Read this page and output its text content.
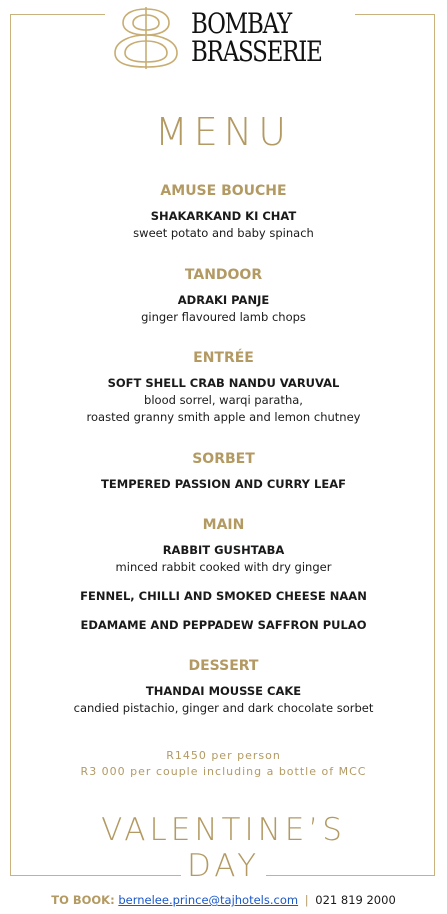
BOMBAY
BRASSERIE
MENU
AMUSE BOUCHE
SHAKARKAND KI CHAT
sweet potato and baby spinach
TANDOOR
ADRAKI PANJE
ginger flavoured lamb chops
ENTRÉE
SOFT SHELL CRAB NANDU VARUVAL
blood sorrel, warqi paratha,
roasted granny smith apple and lemon chutney
SORBET
TEMPERED PASSION AND CURRY LEAF
MAIN
RABBIT GUSHTABA
minced rabbit cooked with dry ginger
FENNEL, CHILLI AND SMOKED CHEESE NAAN
EDAMAME AND PEPPADEW SAFFRON PULAO
DESSERT
THANDAI MOUSSE CAKE
candied pistachio, ginger and dark chocolate sorbet
R1450 per person
R3 000 per couple including a bottle of MCC
VALENTINE’S
DAY
TO BOOK: bernelee.prince@tajhotels.com | 021 819 2000
